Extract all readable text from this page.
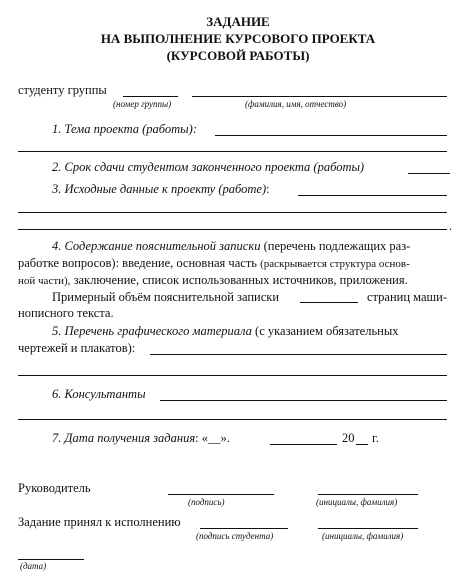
ЗАДАНИЕ
НА ВЫПОЛНЕНИЕ КУРСОВОГО ПРОЕКТА
(КУРСОВОЙ РАБОТЫ)
студенту группы
(номер группы)	(фамилия, имя, отчество)
1. Тема проекта (работы):
2. Срок сдачи студентом законченного проекта (работы)
3. Исходные данные к проекту (работе):
.
4. Содержание пояснительной записки (перечень подлежащих раз-
работке вопросов): введение, основная часть (раскрывается структура основ-
ной части), заключение, список использованных источников, приложения.
Примерный объём пояснительной записки	страниц маши-
нописного текста.
5. Перечень графического материала (с указанием обязательных
чертежей и плакатов):
6. Консультанты
7. Дата получения задания: «__».	20 г.
Руководитель
(подпись)	(инициалы, фамилия)
Задание принял к исполнению
(подпись студента)	(инициалы, фамилия)
(дата)
